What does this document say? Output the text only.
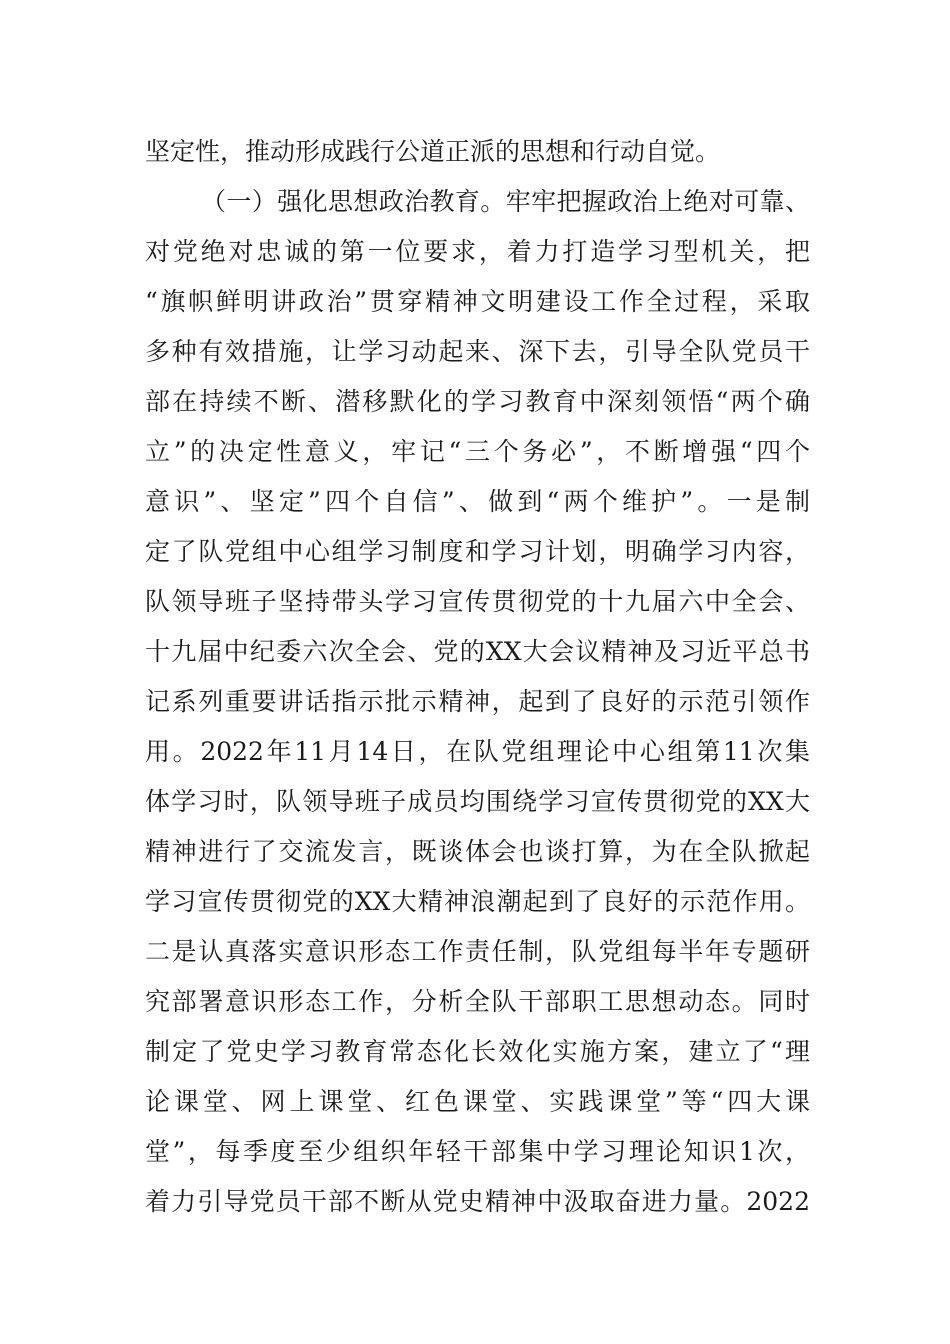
坚定性，推动形成践行公道正派的思想和行动自觉。
（一）强化思想政治教育。牢牢把握政治上绝对可靠、
对党绝对忠诚的第一位要求，着力打造学习型机关，把
“旗帜鲜明讲政治”贯穿精神文明建设工作全过程，采取
多种有效措施，让学习动起来、深下去，引导全队党员干
部在持续不断、潜移默化的学习教育中深刻领悟“两个确
立”的决定性意义，牢记“三个务必”，不断增强“四个
意识”、坚定”四个自信”、做到“两个维护”。一是制
定了队党组中心组学习制度和学习计划，明确学习内容，
队领导班子坚持带头学习宣传贯彻党的十九届六中全会、
十九届中纪委六次全会、党的XX大会议精神及习近平总书
记系列重要讲话指示批示精神，起到了良好的示范引领作
用。2022年11月14日，在队党组理论中心组第11次集
体学习时，队领导班子成员均围绕学习宣传贯彻党的XX大
精神进行了交流发言，既谈体会也谈打算，为在全队掀起
学习宣传贯彻党的XX大精神浪潮起到了良好的示范作用。
二是认真落实意识形态工作责任制，队党组每半年专题研
究部署意识形态工作，分析全队干部职工思想动态。同时
制定了党史学习教育常态化长效化实施方案，建立了“理
论课堂、网上课堂、红色课堂、实践课堂”等“四大课
堂”，每季度至少组织年轻干部集中学习理论知识1次，
着力引导党员干部不断从党史精神中汲取奋进力量。2022
